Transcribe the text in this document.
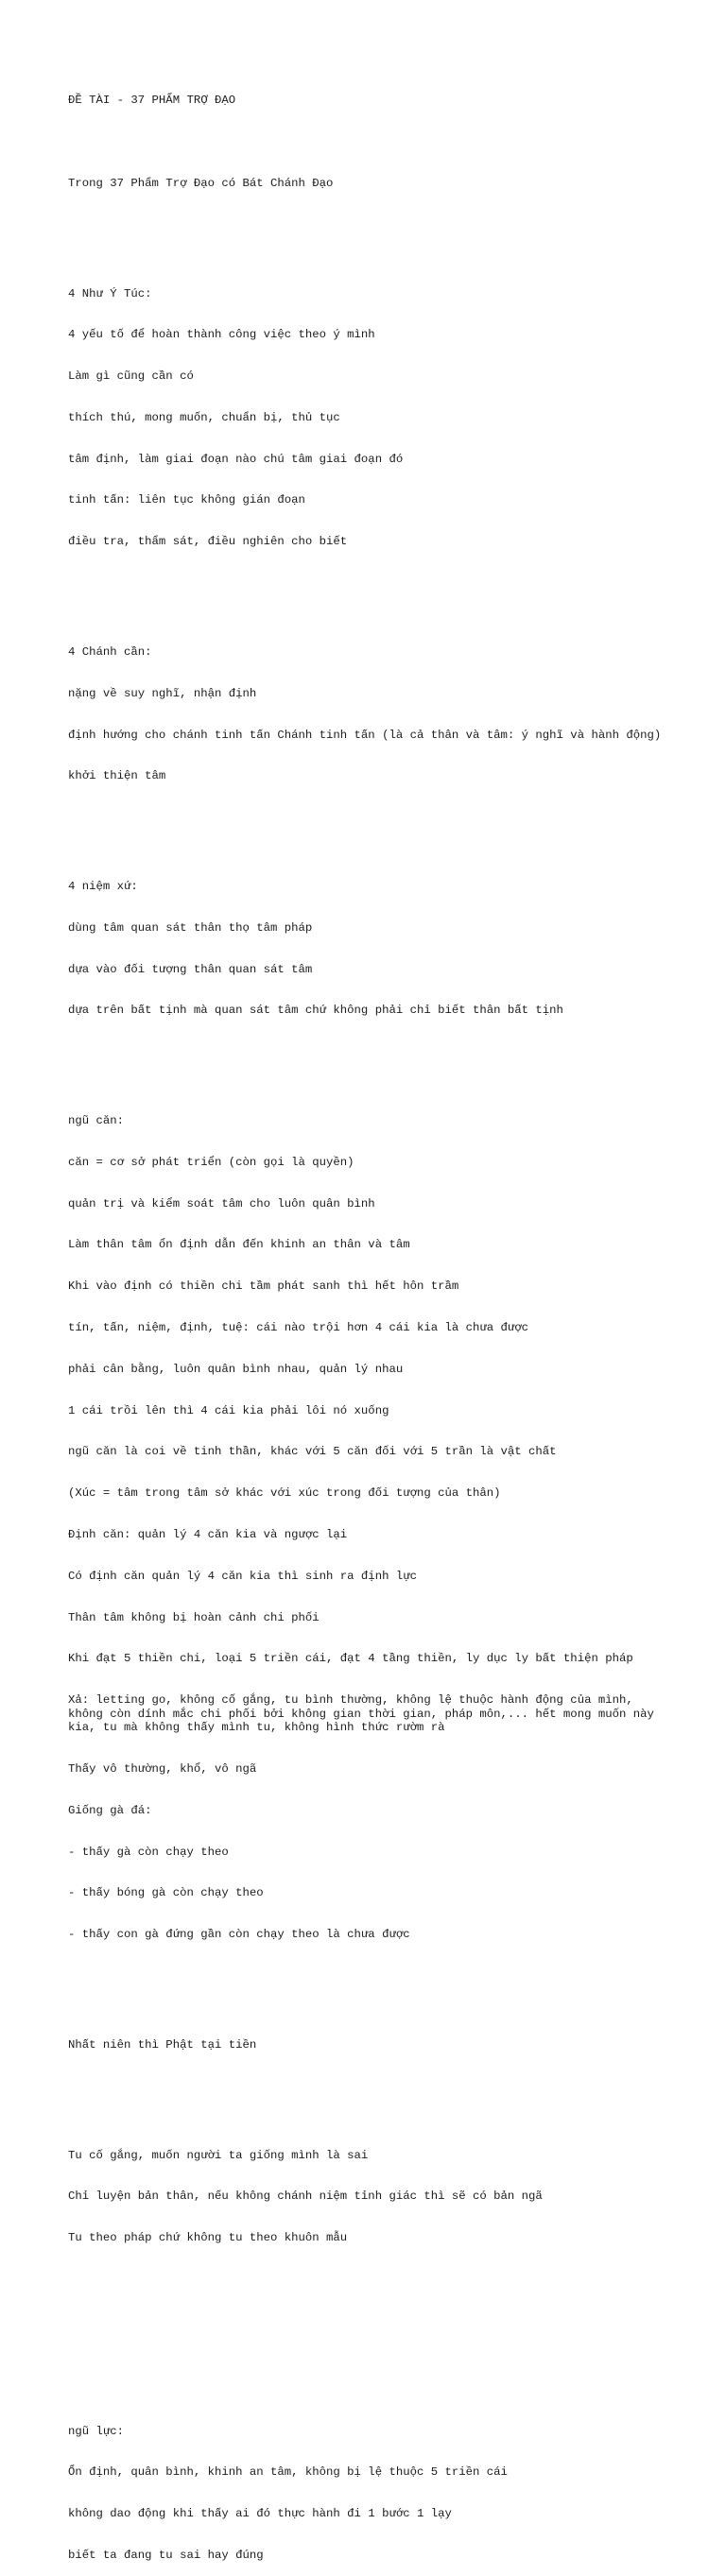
ĐỀ TÀI - 37 PHẨM TRỢ ĐẠO

Trong 37 Phẩm Trợ Đạo có Bát Chánh Đạo

4 Như Ý Túc:

4 yếu tố để hoàn thành công việc theo ý mình

Làm gì cũng cần có

thích thú, mong muốn, chuẩn bị, thủ tục

tâm định, làm giai đoạn nào chú tâm giai đoạn đó

tinh tấn: liên tục không gián đoạn

điều tra, thẩm sát, điều nghiên cho biết

4 Chánh cần:

nặng về suy nghĩ, nhận định

định hướng cho chánh tinh tấn Chánh tinh tấn (là cả thân và tâm: ý nghĩ và hành động)

khởi thiện tâm

4 niệm xứ:

dùng tâm quan sát thân thọ tâm pháp

dựa vào đối tượng thân quan sát tâm

dựa trên bất tịnh mà quan sát tâm chứ không phải chỉ biết thân bất tịnh

ngũ căn:

căn = cơ sở phát triển (còn gọi là quyền)

quản trị và kiểm soát tâm cho luôn quân bình

Làm thân tâm ổn định dẫn đến khinh an thân và tâm

Khi vào định có thiền chi tầm phát sanh thì hết hôn trầm

tín, tấn, niệm, định, tuệ: cái nào trội hơn 4 cái kia là chưa được

phải cân bằng, luôn quân bình nhau, quản lý nhau

1 cái trồi lên thì 4 cái kia phải lôi nó xuống

ngũ căn là coi về tinh thần, khác với 5 căn đối với 5 trần là vật chất

(Xúc = tâm trong tâm sở khác với xúc trong đối tượng của thân)

Định căn: quản lý 4 căn kia và ngược lại

Có định căn quản lý 4 căn kia thì sinh ra định lực

Thân tâm không bị hoàn cảnh chi phối

Khi đạt 5 thiền chi, loại 5 triền cái, đạt 4 tầng thiền, ly dục ly bất thiện pháp

Xả: letting go, không cố gắng, tu bình thường, không lệ thuộc hành động của mình, không còn dính mắc chi phối bởi không gian thời gian, pháp môn,... hết mong muốn này kia, tu mà không thấy mình tu, không hình thức rườm rà

Thấy vô thường, khổ, vô ngã

Giống gà đá:

- thấy gà còn chạy theo

- thấy bóng gà còn chạy theo

- thấy con gà đứng gần còn chạy theo là chưa được

Nhất niên thì Phật tại tiền

Tu cố gắng, muốn người ta giống mình là sai

Chỉ luyện bản thân, nếu không chánh niệm tỉnh giác thì sẽ có bản ngã

Tu theo pháp chứ không tu theo khuôn mẫu

ngũ lực:

Ổn định, quân bình, khinh an tâm, không bị lệ thuộc 5 triền cái

không dao động khi thấy ai đó thực hành đi 1 bước 1 lạy

biết ta đang tu sai hay đúng
